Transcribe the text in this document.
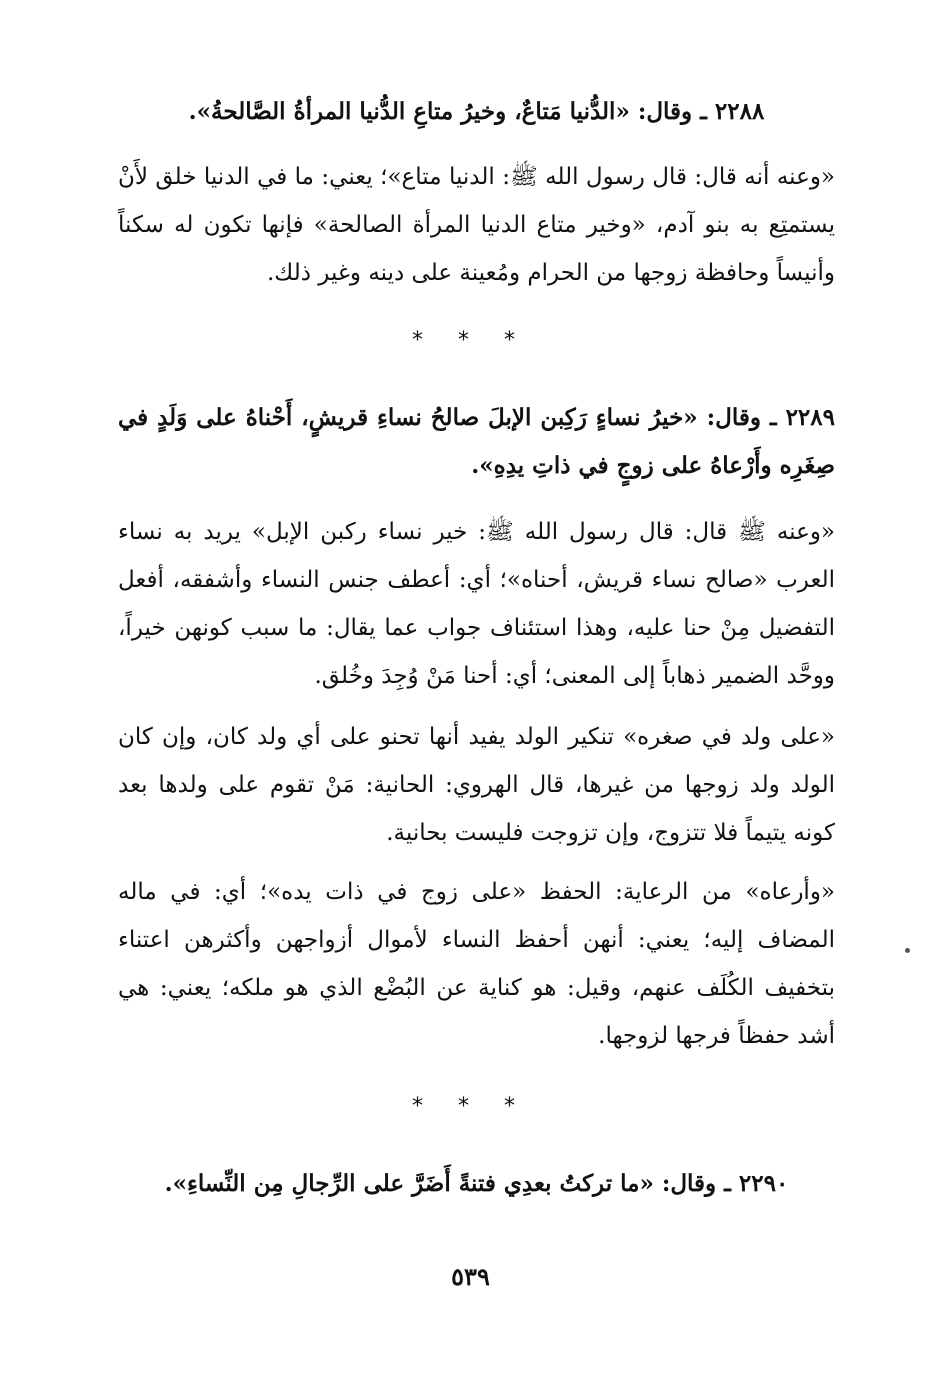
٢٢٨٨ ـ وقال: «الدُّنيا مَتاعٌ، وخيرُ متاعِ الدُّنيا المرأةُ الصَّالحةُ».
«وعنه أنه قال: قال رسول الله ﷺ: الدنيا متاع»؛ يعني: ما في الدنيا خلق لأَنْ يستمتِع به بنو آدم، «وخير متاع الدنيا المرأة الصالحة» فإنها تكون له سكناً وأنيساً وحافظة زوجها من الحرام ومُعينة على دينه وغير ذلك.
* * *
٢٢٨٩ ـ وقال: «خيرُ نساءٍ رَكِبن الإبلَ صالحُ نساءِ قريشٍ، أَحْناهُ على وَلَدٍ في صِغَرِه وأَرْعاهُ على زوجٍ في ذاتِ يدِهِ».
«وعنه ﷺ قال: قال رسول الله ﷺ: خير نساء ركبن الإبل» يريد به نساء العرب «صالح نساء قريش، أحناه»؛ أي: أعطف جنس النساء وأشفقه، أفعل التفضيل مِنْ حنا عليه، وهذا استئناف جواب عما يقال: ما سبب كونهن خيراً، ووحَّد الضمير ذهاباً إلى المعنى؛ أي: أحنا مَنْ وُجِدَ وخُلق.
«على ولد في صغره» تنكير الولد يفيد أنها تحنو على أي ولد كان، وإن كان الولد ولد زوجها من غيرها، قال الهروي: الحانية: مَنْ تقوم على ولدها بعد كونه يتيماً فلا تتزوج، وإن تزوجت فليست بحانية.
«وأرعاه» من الرعاية: الحفظ «على زوج في ذات يده»؛ أي: في ماله المضاف إليه؛ يعني: أنهن أحفظ النساء لأموال أزواجهن وأكثرهن اعتناء بتخفيف الكُلَف عنهم، وقيل: هو كناية عن البُضْع الذي هو ملكه؛ يعني: هي أشد حفظاً فرجها لزوجها.
* * *
٢٢٩٠ ـ وقال: «ما تركتُ بعدِي فتنةً أَضَرَّ على الرِّجالِ مِن النِّساءِ».
٥٣٩
